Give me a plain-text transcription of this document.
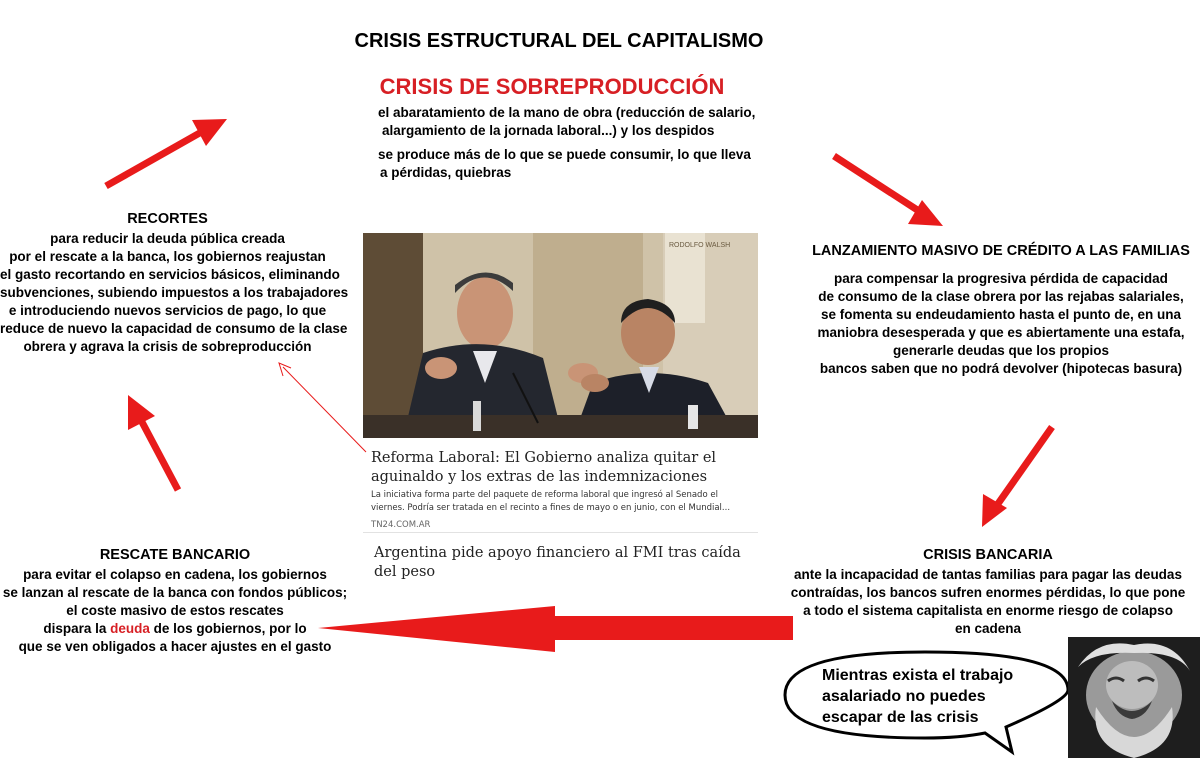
CRISIS ESTRUCTURAL DEL CAPITALISMO
CRISIS DE SOBREPRODUCCIÓN
el abaratamiento de la mano de obra (reducción de salario,
alargamiento de la jornada laboral...) y los despidos
se produce más de lo que se puede consumir, lo que lleva
a pérdidas, quiebras
LANZAMIENTO MASIVO DE CRÉDITO A LAS FAMILIAS
para compensar la progresiva pérdida de capacidad
de consumo de la clase obrera por las rejabas salariales,
se fomenta su endeudamiento hasta el punto de, en una
maniobra desesperada y que es abiertamente una estafa,
generarle deudas que los propios
bancos saben que no podrá devolver (hipotecas basura)
CRISIS BANCARIA
ante la incapacidad de tantas familias para pagar las deudas
contraídas, los bancos sufren enormes pérdidas, lo que pone
a todo el sistema capitalista en enorme riesgo de colapso
en cadena
RESCATE BANCARIO
para evitar el colapso en cadena, los gobiernos
se lanzan al rescate de la banca con fondos públicos;
el coste masivo de estos rescates
dispara la deuda de los gobiernos, por lo
que se ven obligados a hacer ajustes en el gasto
RECORTES
para reducir la deuda pública creada
por el rescate a la banca, los gobiernos reajustan
el gasto recortando en servicios básicos, eliminando
subvenciones, subiendo impuestos a los trabajadores
e introduciendo nuevos servicios de pago, lo que
reduce de nuevo la capacidad de consumo de la clase
obrera y agrava la crisis de sobreproducción
RODOLFO WALSH
Reforma Laboral: El Gobierno analiza quitar el aguinaldo y los extras de las indemnizaciones
La iniciativa forma parte del paquete de reforma laboral que ingresó al Senado el viernes. Podría ser tratada en el recinto a fines de mayo o en junio, con el Mundial...
TN24.COM.AR
Argentina pide apoyo financiero al FMI tras caída del peso
Mientras exista el trabajo
asalariado no puedes
escapar de las crisis
